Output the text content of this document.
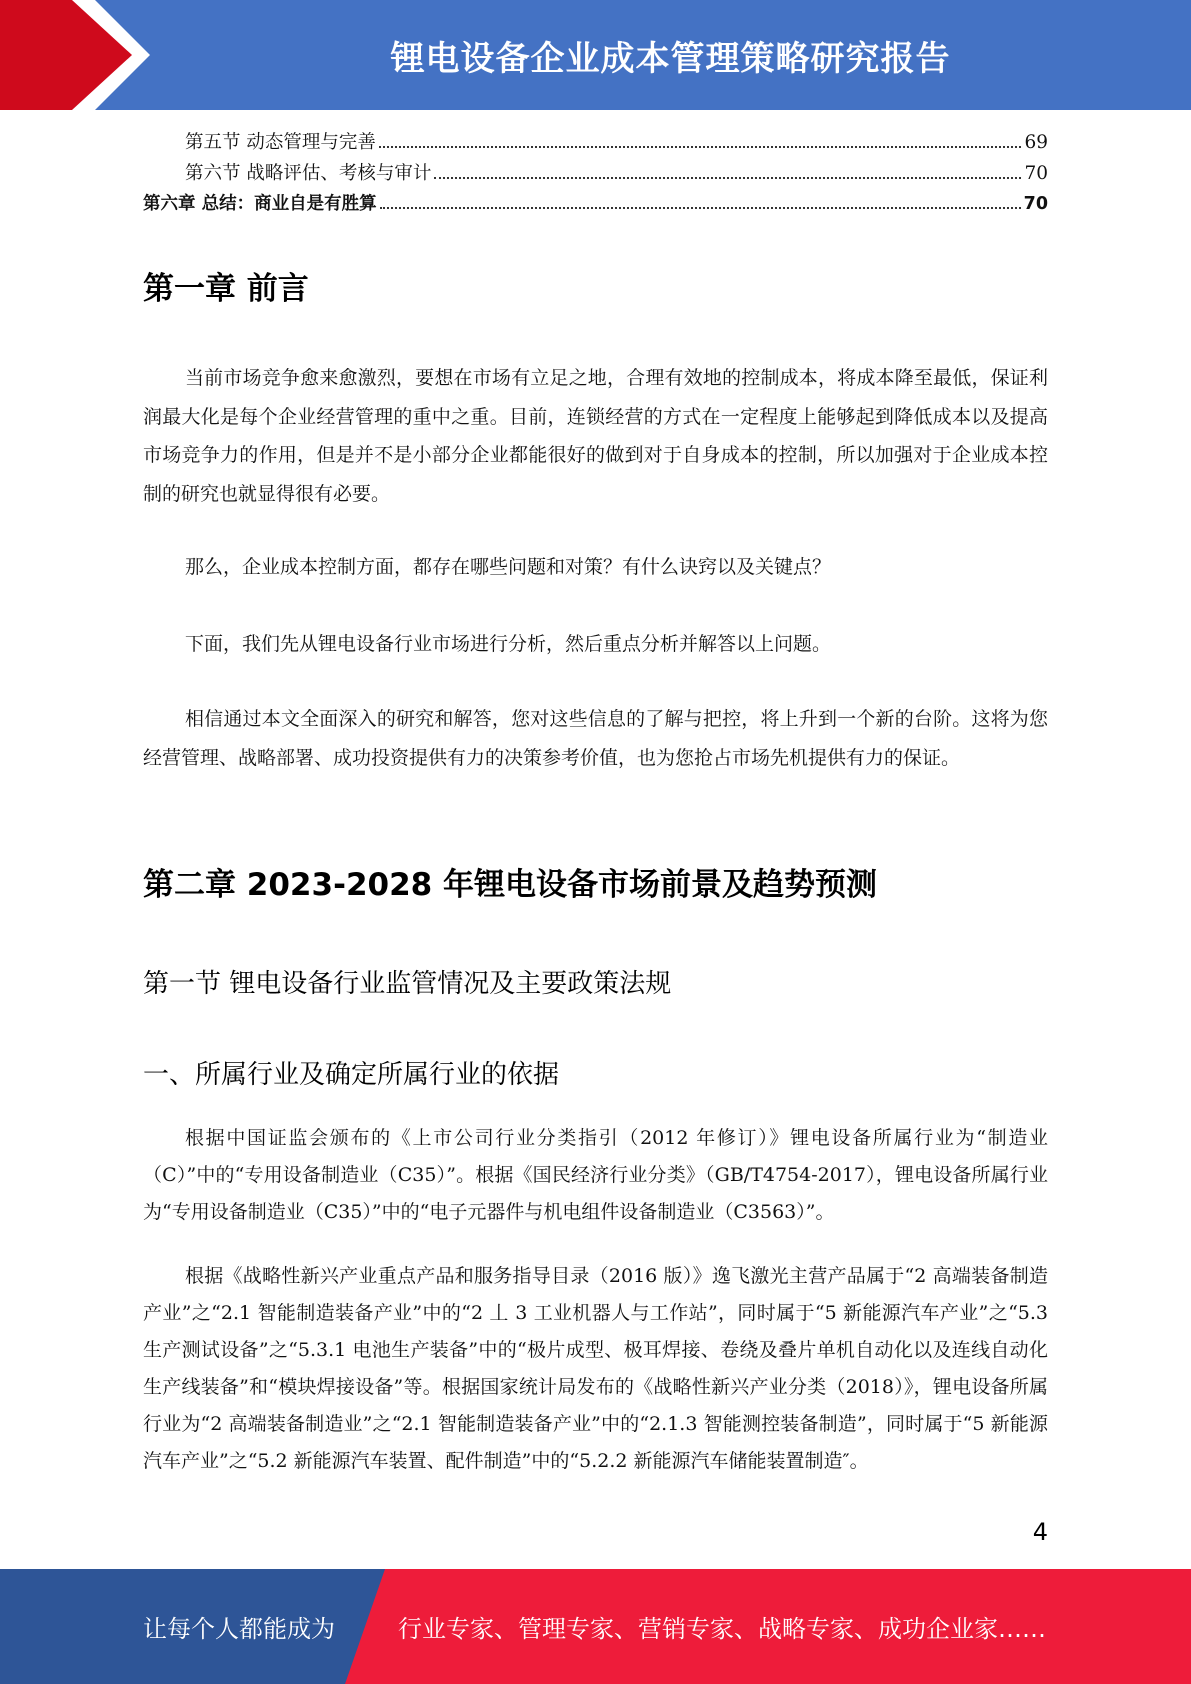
锂电设备企业成本管理策略研究报告
第五节 动态管理与完善	69
第六节 战略评估、考核与审计	70
第六章 总结：商业自是有胜算	70
第一章 前言

当前市场竞争愈来愈激烈，要想在市场有立足之地，合理有效地的控制成本，将成本降至最低，保证利润最大化是每个企业经营管理的重中之重。目前，连锁经营的方式在一定程度上能够起到降低成本以及提高市场竞争力的作用，但是并不是小部分企业都能很好的做到对于自身成本的控制，所以加强对于企业成本控制的研究也就显得很有必要。

那么，企业成本控制方面，都存在哪些问题和对策？有什么诀窍以及关键点？

下面，我们先从锂电设备行业市场进行分析，然后重点分析并解答以上问题。

相信通过本文全面深入的研究和解答，您对这些信息的了解与把控，将上升到一个新的台阶。这将为您经营管理、战略部署、成功投资提供有力的决策参考价值，也为您抢占市场先机提供有力的保证。

第二章 2023-2028 年锂电设备市场前景及趋势预测
第一节 锂电设备行业监管情况及主要政策法规
一、所属行业及确定所属行业的依据

根据中国证监会颁布的《上市公司行业分类指引（2012 年修订）》锂电设备所属行业为“制造业（C）”中的“专用设备制造业（C35）”。根据《国民经济行业分类》（GB/T4754-2017），锂电设备所属行业为“专用设备制造业（C35）”中的“电子元器件与机电组件设备制造业（C3563）”。

根据《战略性新兴产业重点产品和服务指导目录（2016 版）》逸飞激光主营产品属于“2 高端装备制造产业”之“2.1 智能制造装备产业”中的“2 丄 3 工业机器人与工作站”，同时属于“5 新能源汽车产业”之“5.3 生产测试设备”之“5.3.1 电池生产装备”中的“极片成型、极耳焊接、卷绕及叠片单机自动化以及连线自动化生产线装备”和“模块焊接设备”等。根据国家统计局发布的《战略性新兴产业分类（2018）》，锂电设备所属行业为“2 高端装备制造业”之“2.1 智能制造装备产业”中的“2.1.3 智能测控装备制造”，同时属于“5 新能源汽车产业”之“5.2 新能源汽车装置、配件制造”中的“5.2.2 新能源汽车储能装置制造″。

4
让每个人都能成为	行业专家、管理专家、营销专家、战略专家、成功企业家……
